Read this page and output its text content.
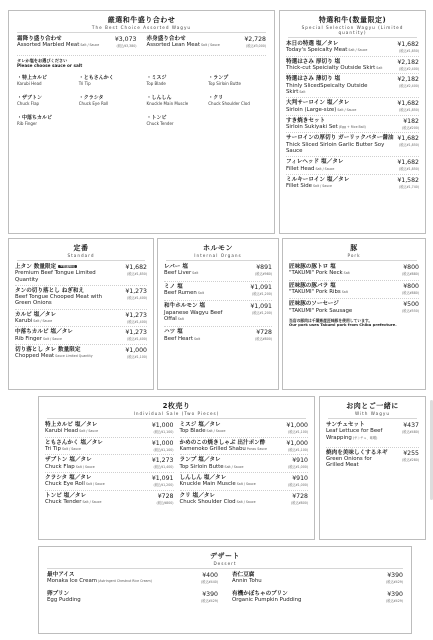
厳選和牛盛り合わせ
The Best Choice Assorted Wagyu
霜降り盛り合わせ
Assorted Marbled Meat Salt / Sauce
¥3,073
(税込¥3,380)
赤身盛り合わせ
Assorted Lean Meat Salt / Sauce
¥2,728
(税込¥3,000)
タレか塩をお選びください
Please choose sauce or salt
・特上カルビ
Karubi Head
・ともさんかく
Tri Tip
・ザブトン
Chuck Flap
・クラシタ
Chuck Eye Roll
・中落ちカルビ
Rib Finger
・ミスジ
Top Blade
・ランプ
Top Sirloin Butte
・しんしん
Knuckle Main Muscle
・クリ
Chuck Shoulder Clod
・トンビ
Chuck Tender
特選和牛(数量限定)
Special Selection Wagyu (Limited quantity)
本日の特選 塩／タレ
Today's Speicalty Meat Salt / Sauce
¥1,682
(税込¥1,850)
特選はさみ 厚切り 塩
Thick-cut Speicialty Outside Skirt Salt
¥2,182
(税込¥2,400)
特選はさみ 薄切り 塩
Thinly SlicedSpeicalty Outside Skirt Salt
¥2,182
(税込¥2,400)
大判サーロイン 塩／タレ
Sirloin (Large-size) Salt / Sauce
¥1,682
(税込¥1,850)
すき焼きセット
Sirloin Sukiyaki Set (Egg + Rice Ball)
¥182
(税込¥200)
サーロインの厚切り ガーリックバター醤油
Thick Sliced Sirloin Garlic Butter Soy Sauce
¥1,682
(税込¥1,850)
フィレヘッド 塩／タレ
Fillet Head Salt / Sauce
¥1,682
(税込¥1,850)
ミルキーロイン 塩／タレ
Fillet Side Salt / Sauce
¥1,582
(税込¥1,740)
定番
Standard
上タン 数量限定 ※数量限定
Premium Beef Tongue Limited Quantity
¥1,682
(税込¥1,850)
タンの切り落とし ねぎ和え
Beef Tongue Chooped Meat with Green Onions
¥1,273
(税込¥1,400)
カルビ 塩／タレ
Karubi Salt / Sauce
¥1,273
(税込¥1,400)
中落ちカルビ 塩／タレ
Rib Finger Salt / Sauce
¥1,273
(税込¥1,400)
切り落とし タレ 数量限定
Chopped Meat Sauce Limited Quantity
¥1,000
(税込¥1,100)
ホルモン
Internal Organs
レバー 塩
Beef Liver Salt
¥891
(税込¥980)
ミノ 塩
Beef Rumen Salt
¥1,091
(税込¥1,200)
和牛ホルモン 塩
Japanese Wagyu Beef Offal Salt
¥1,091
(税込¥1,200)
ハツ 塩
Beef Heart Salt
¥728
(税込¥800)
豚
Pork
匠味豚の豚トロ 塩
"TAKUMI" Pork Neck Salt
¥800
(税込¥880)
匠味豚の豚バラ 塩
"TAKUMI" Pork Ribs Salt
¥800
(税込¥880)
匠味豚のソーセージ
"TAKUMI" Pork Sausage
¥500
(税込¥550)
当店の豚肉は千葉県産匠味豚を使用しています。
Our pork uses Takumi pork from Chiba prefecture.
2枚売り
Individual Sale (Two Pieces)
特上カルビ 塩／タレ
Karubi Head Salt / Sauce
¥1,000
(税込¥1,100)
ともさんかく 塩／タレ
Tri Tip Salt / Sauce
¥1,000
(税込¥1,100)
ザブトン 塩／タレ
Chuck Flap Salt / Sauce
¥1,273
(税込¥1,400)
クラシタ 塩／タレ
Chuck Eye Roll Salt / Sauce
¥1,091
(税込¥1,200)
トンビ 塩／タレ
Chuck Tender Salt / Sauce
¥728
(税込¥800)
ミスジ 塩／タレ
Top Blade Salt / Sauce
¥1,000
(税込¥1,100)
かめのこの焼きしゃぶ 出汁ポン酢
Kamenoko Grilled Shabu Ponzu Sauce
¥1,000
(税込¥1,100)
ランプ 塩／タレ
Top Sirloin Butte Salt / Sauce
¥910
(税込¥1,000)
しんしん 塩／タレ
Knuckle Main Muscle Salt / Sauce
¥910
(税込¥1,000)
クリ 塩／タレ
Chuck Shoulder Clod Salt / Sauce
¥728
(税込¥800)
お肉とご一緒に
With Wagyu
サンチュセット
Leaf Lettuce for Beef Wrapping (サンチュ、味噌)
¥437
(税込¥480)
焼肉を美味しくするネギ
Green Onions for Grilled Meat
¥255
(税込¥280)
デザート
Dessert
最中アイス
Monaka Ice Cream (Astringent Chestnut Rice Cream)
¥400
(税込¥440)
杏仁豆腐
Annin Tohu
¥390
(税込¥429)
卵プリン
Egg Pudding
¥390
(税込¥429)
有機かぼちゃのプリン
Organic Pumpkin Pudding
¥390
(税込¥429)
